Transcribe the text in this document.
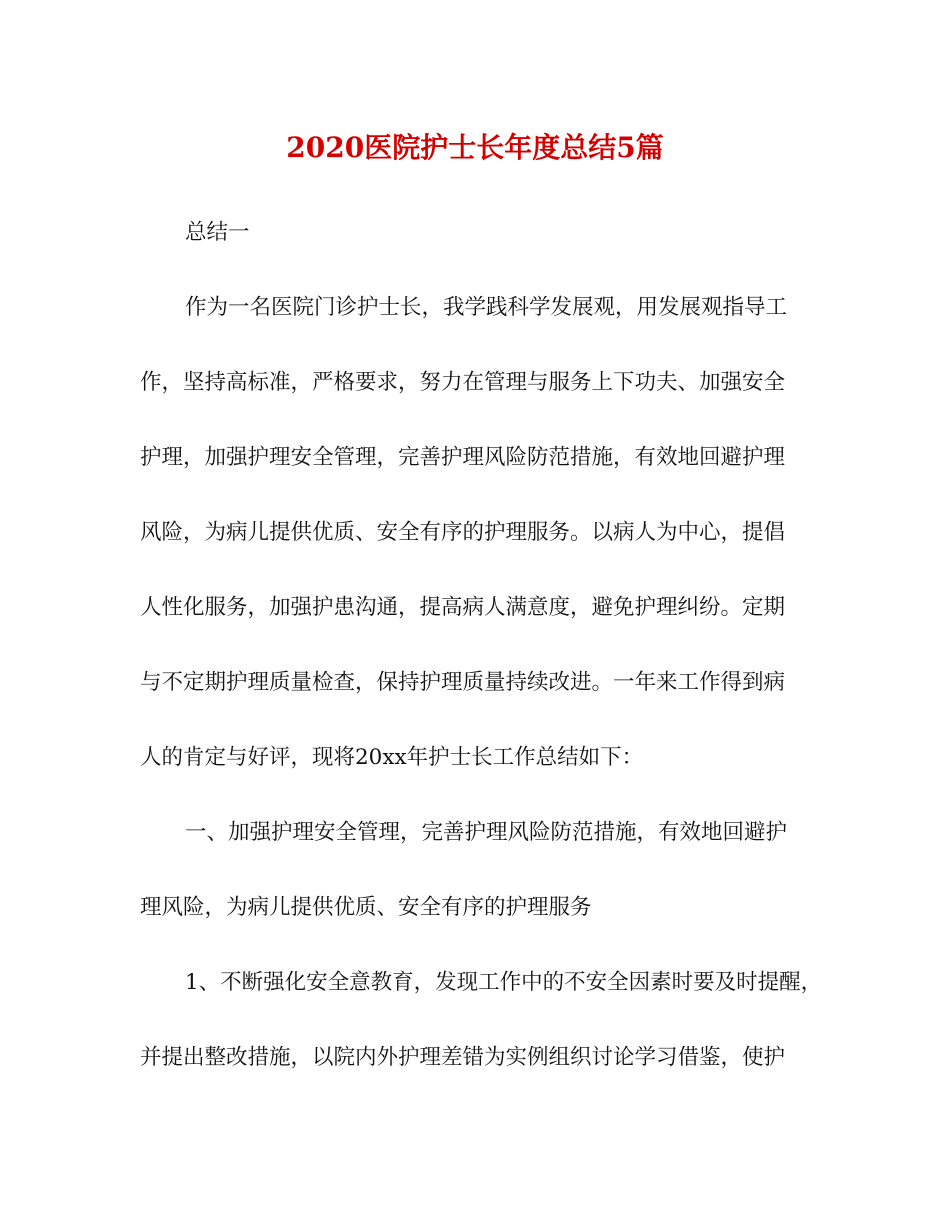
2020医院护士长年度总结5篇
总结一
作为一名医院门诊护士长，我学践科学发展观，用发展观指导工
作，坚持高标准，严格要求，努力在管理与服务上下功夫、加强安全
护理，加强护理安全管理，完善护理风险防范措施，有效地回避护理
风险，为病儿提供优质、安全有序的护理服务。以病人为中心，提倡
人性化服务，加强护患沟通，提高病人满意度，避免护理纠纷。定期
与不定期护理质量检查，保持护理质量持续改进。一年来工作得到病
人的肯定与好评，现将20xx年护士长工作总结如下：
一、加强护理安全管理，完善护理风险防范措施，有效地回避护
理风险，为病儿提供优质、安全有序的护理服务
1、不断强化安全意教育，发现工作中的不安全因素时要及时提醒，
并提出整改措施，以院内外护理差错为实例组织讨论学习借鉴，使护
